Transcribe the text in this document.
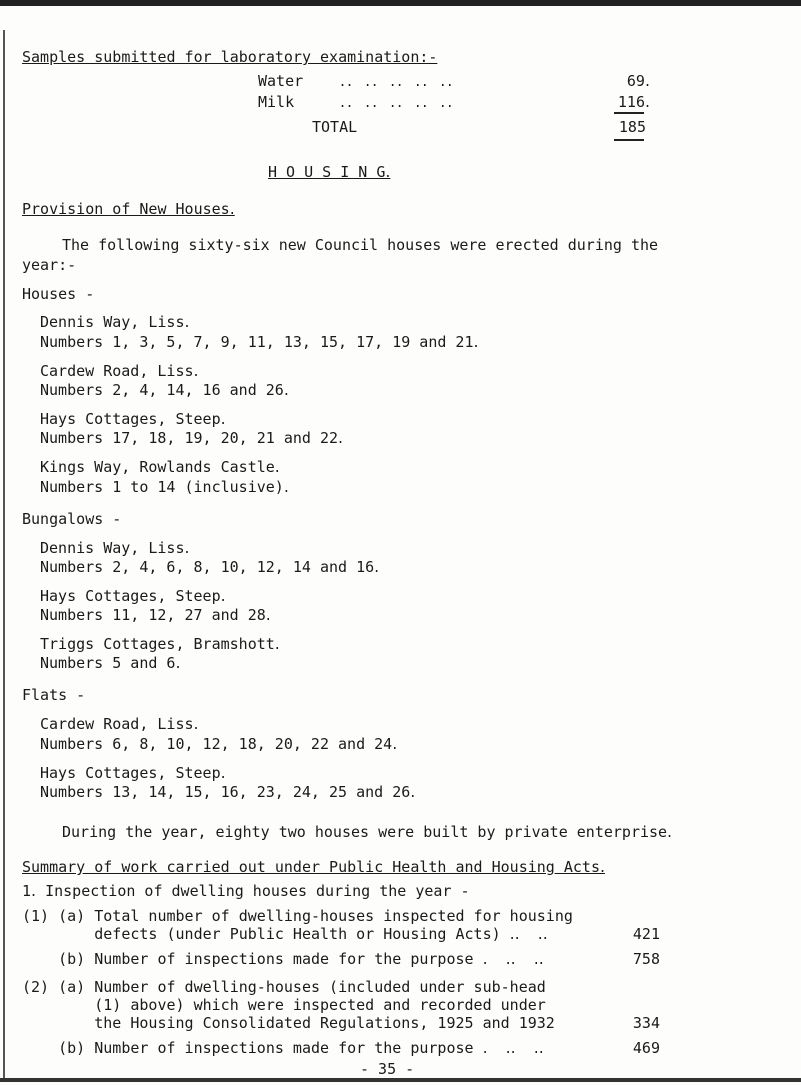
Samples submitted for laboratory examination:-
Water ․․ ․․ ․․ ․․ ․․	69․
Milk	․․ ․․ ․․ ․․ ․․	116․
TOTAL	185
H O U S I N G․
Provision of New Houses․
The following sixty-six new Council houses were erected during the
year:-
Houses -
Dennis Way, Liss․
Numbers 1, 3, 5, 7, 9, 11, 13, 15, 17, 19 and 21․
Cardew Road, Liss․
Numbers 2, 4, 14, 16 and 26․
Hays Cottages, Steep․
Numbers 17, 18, 19, 20, 21 and 22․
Kings Way, Rowlands Castle․
Numbers 1 to 14 (inclusive)․
Bungalows -
Dennis Way, Liss․
Numbers 2, 4, 6, 8, 10, 12, 14 and 16․
Hays Cottages, Steep․
Numbers 11, 12, 27 and 28․
Triggs Cottages, Bramshott․
Numbers 5 and 6․
Flats -
Cardew Road, Liss․
Numbers 6, 8, 10, 12, 18, 20, 22 and 24․
Hays Cottages, Steep․
Numbers 13, 14, 15, 16, 23, 24, 25 and 26․
During the year, eighty two houses were built by private enterprise․
Summary of work carried out under Public Health and Housing Acts․
1․ Inspection of dwelling houses during the year -
(1) (a) Total number of dwelling-houses inspected for housing
defects (under Public Health or Housing Acts) ․․  ․․	421
(b) Number of inspections made for the purpose ․  ․․  ․․	758
(2) (a) Number of dwelling-houses (included under sub-head
(1) above) which were inspected and recorded under
the Housing Consolidated Regulations, 1925 and 1932	334
(b) Number of inspections made for the purpose ․  ․․  ․․	469
- 35 -
